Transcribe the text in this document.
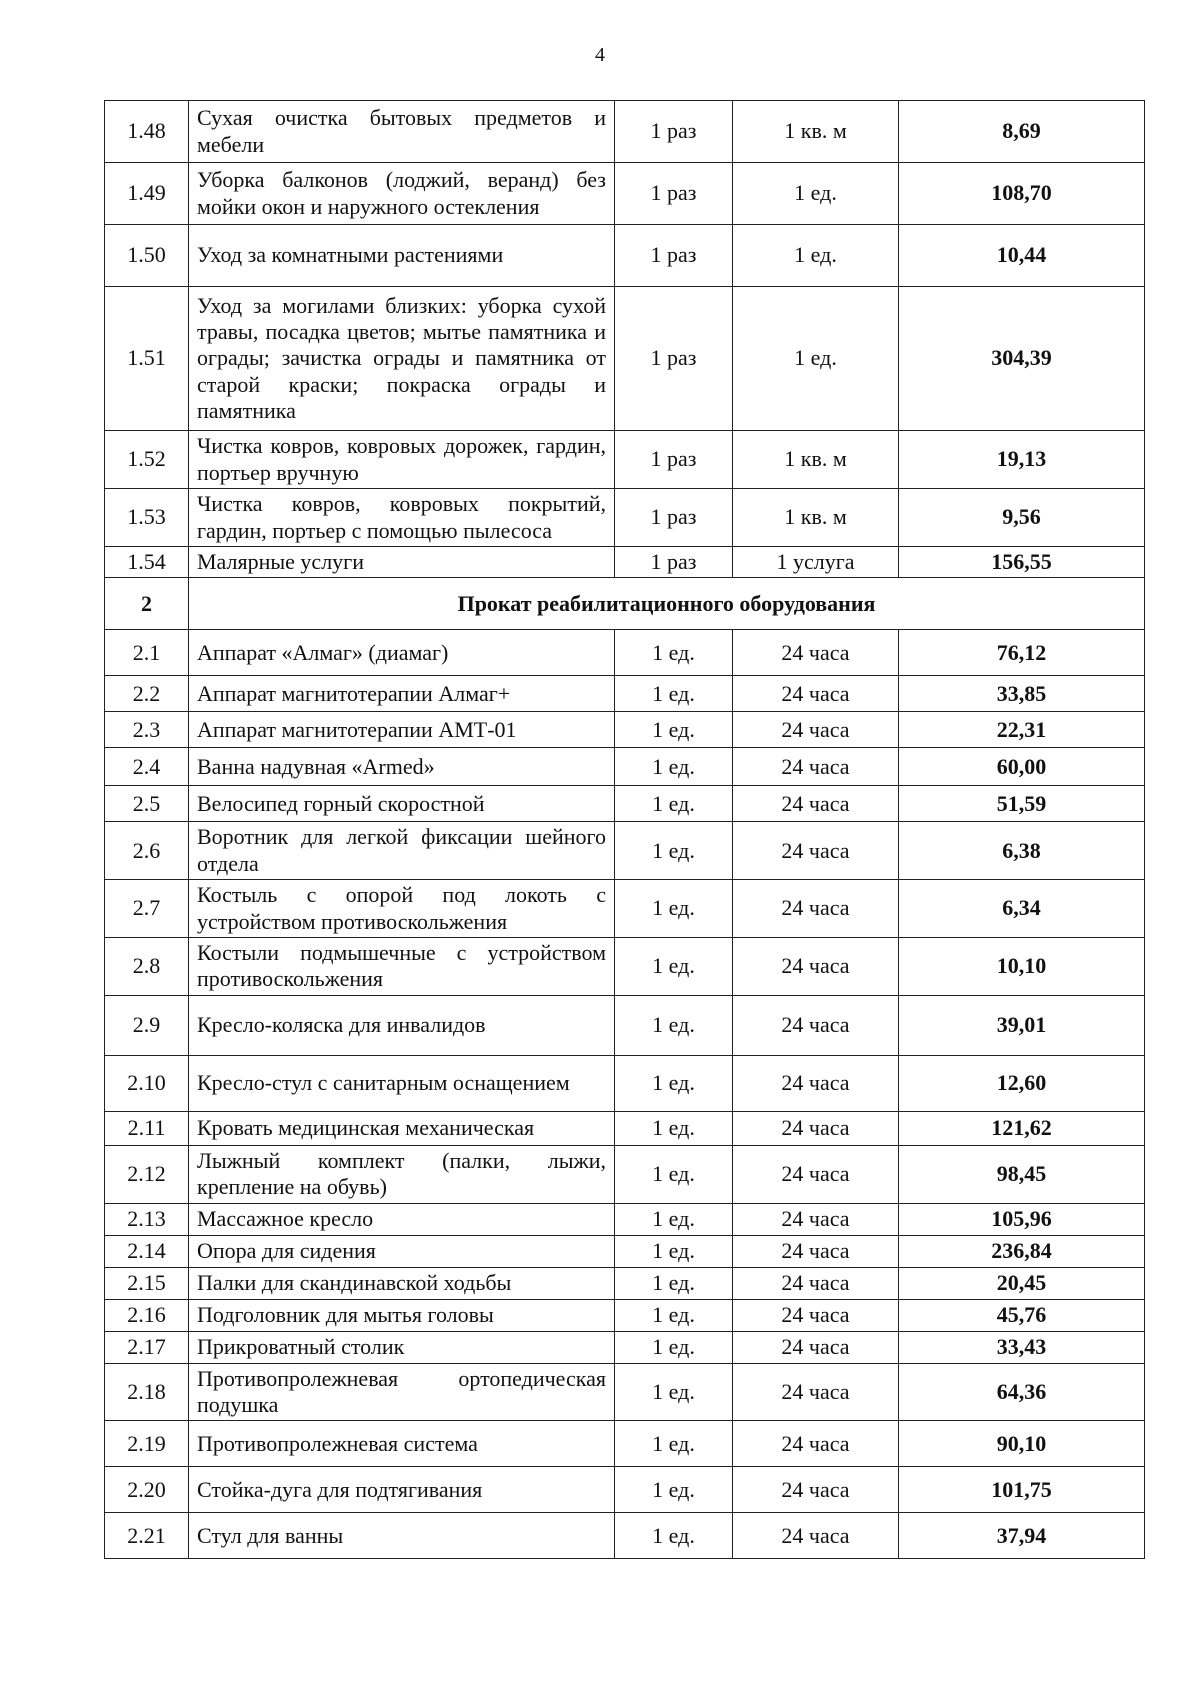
4
1.48	Сухая очистка бытовых предметов и мебели	1 раз	1 кв. м	8,69
1.49	Уборка балконов (лоджий, веранд) без мойки окон и наружного остекления	1 раз	1 ед.	108,70
1.50	Уход за комнатными растениями	1 раз	1 ед.	10,44
1.51	Уход за могилами близких: уборка сухой травы, посадка цветов; мытье памятника и ограды; зачистка ограды и памятника от старой краски; покраска ограды и памятника	1 раз	1 ед.	304,39
1.52	Чистка ковров, ковровых дорожек, гардин, портьер вручную	1 раз	1 кв. м	19,13
1.53	Чистка ковров, ковровых покрытий, гардин, портьер с помощью пылесоса	1 раз	1 кв. м	9,56
1.54	Малярные услуги	1 раз	1 услуга	156,55
2	Прокат реабилитационного оборудования			
2.1	Аппарат «Алмаг» (диамаг)	1 ед.	24 часа	76,12
2.2	Аппарат магнитотерапии Алмаг+	1 ед.	24 часа	33,85
2.3	Аппарат магнитотерапии АМТ-01	1 ед.	24 часа	22,31
2.4	Ванна надувная «Armed»	1 ед.	24 часа	60,00
2.5	Велосипед горный скоростной	1 ед.	24 часа	51,59
2.6	Воротник для легкой фиксации шейного отдела	1 ед.	24 часа	6,38
2.7	Костыль с опорой под локоть с устройством противоскольжения	1 ед.	24 часа	6,34
2.8	Костыли подмышечные с устройством противоскольжения	1 ед.	24 часа	10,10
2.9	Кресло-коляска для инвалидов	1 ед.	24 часа	39,01
2.10	Кресло-стул с санитарным оснащением	1 ед.	24 часа	12,60
2.11	Кровать медицинская механическая	1 ед.	24 часа	121,62
2.12	Лыжный комплект (палки, лыжи, крепление на обувь)	1 ед.	24 часа	98,45
2.13	Массажное кресло	1 ед.	24 часа	105,96
2.14	Опора для сидения	1 ед.	24 часа	236,84
2.15	Палки для скандинавской ходьбы	1 ед.	24 часа	20,45
2.16	Подголовник для мытья головы	1 ед.	24 часа	45,76
2.17	Прикроватный столик	1 ед.	24 часа	33,43
2.18	Противопролежневая ортопедическая подушка	1 ед.	24 часа	64,36
2.19	Противопролежневая система	1 ед.	24 часа	90,10
2.20	Стойка-дуга для подтягивания	1 ед.	24 часа	101,75
2.21	Стул для ванны	1 ед.	24 часа	37,94
